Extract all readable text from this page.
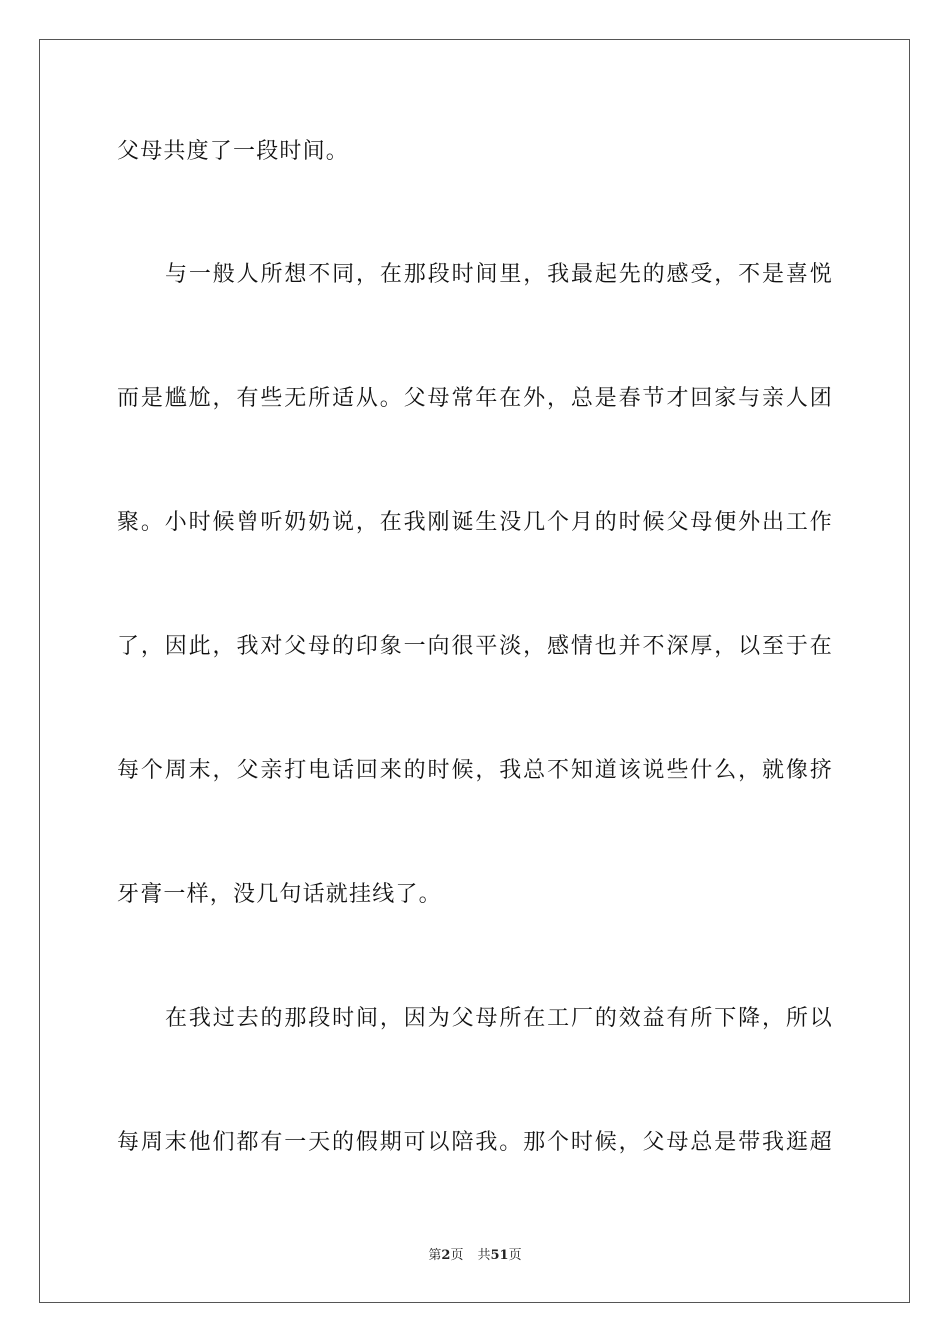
父母共度了一段时间。
与一般人所想不同，在那段时间里，我最起先的感受，不是喜悦
而是尴尬，有些无所适从。父母常年在外，总是春节才回家与亲人团
聚。小时候曾听奶奶说，在我刚诞生没几个月的时候父母便外出工作
了，因此，我对父母的印象一向很平淡，感情也并不深厚，以至于在
每个周末，父亲打电话回来的时候，我总不知道该说些什么，就像挤
牙膏一样，没几句话就挂线了。
在我过去的那段时间，因为父母所在工厂的效益有所下降，所以
每周末他们都有一天的假期可以陪我。那个时候，父母总是带我逛超
第2页 共51页
